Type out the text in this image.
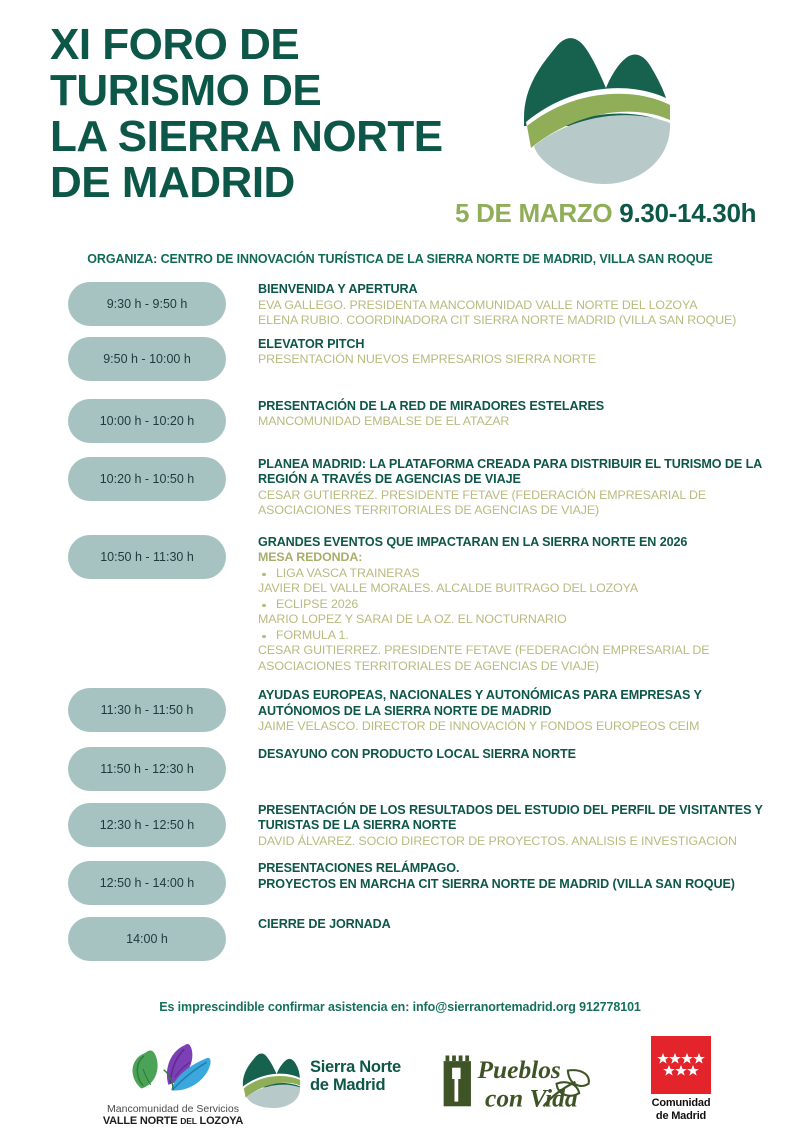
XI FORO DE
TURISMO DE
LA SIERRA NORTE
DE MADRID
5 DE MARZO 9.30-14.30h
ORGANIZA: CENTRO DE INNOVACIÓN TURÍSTICA DE LA SIERRA NORTE DE MADRID, VILLA SAN ROQUE
9:30 h - 9:50 h
BIENVENIDA Y APERTURA
EVA GALLEGO. PRESIDENTA MANCOMUNIDAD VALLE NORTE DEL LOZOYA
ELENA RUBIO. COORDINADORA CIT SIERRA NORTE MADRID (VILLA SAN ROQUE)
9:50 h - 10:00 h
ELEVATOR PITCH
PRESENTACIÓN NUEVOS EMPRESARIOS SIERRA NORTE
10:00 h - 10:20 h
PRESENTACIÓN DE LA RED DE MIRADORES ESTELARES
MANCOMUNIDAD EMBALSE DE EL ATAZAR
10:20 h - 10:50 h
PLANEA MADRID: LA PLATAFORMA CREADA PARA DISTRIBUIR EL TURISMO DE LA REGIÓN A TRAVÉS DE AGENCIAS DE VIAJE
CESAR GUTIERREZ. PRESIDENTE FETAVE (FEDERACIÓN EMPRESARIAL DE
ASOCIACIONES TERRITORIALES DE AGENCIAS DE VIAJE)
10:50 h - 11:30 h
GRANDES EVENTOS QUE IMPACTARAN EN LA SIERRA NORTE EN 2026
MESA REDONDA:
LIGA VASCA TRAINERAS
JAVIER DEL VALLE MORALES. ALCALDE BUITRAGO DEL LOZOYA
ECLIPSE 2026
MARIO LOPEZ Y SARAI DE LA OZ. EL NOCTURNARIO
FORMULA 1.
CESAR GUITIERREZ. PRESIDENTE FETAVE (FEDERACIÓN EMPRESARIAL DE
ASOCIACIONES TERRITORIALES DE AGENCIAS DE VIAJE)
11:30 h - 11:50 h
AYUDAS EUROPEAS, NACIONALES Y AUTONÓMICAS PARA EMPRESAS Y AUTÓNOMOS DE LA SIERRA NORTE DE MADRID
JAIME VELASCO. DIRECTOR DE INNOVACIÓN Y FONDOS EUROPEOS CEIM
11:50 h - 12:30 h
DESAYUNO CON PRODUCTO LOCAL SIERRA NORTE
12:30 h - 12:50 h
PRESENTACIÓN DE LOS RESULTADOS DEL ESTUDIO DEL PERFIL DE VISITANTES Y TURISTAS DE LA SIERRA NORTE
DAVID ÁLVAREZ. SOCIO DIRECTOR DE PROYECTOS. ANALISIS E INVESTIGACION
12:50 h - 14:00 h
PRESENTACIONES RELÁMPAGO.
PROYECTOS EN MARCHA CIT SIERRA NORTE DE MADRID (VILLA SAN ROQUE)
14:00 h
CIERRE DE JORNADA
Es imprescindible confirmar asistencia en: info@sierranortemadrid.org 912778101
Mancomunidad de Servicios
VALLE NORTE DEL LOZOYA
Sierra Norte
de Madrid
Pueblos
con Vida	Comunidad
de Madrid
